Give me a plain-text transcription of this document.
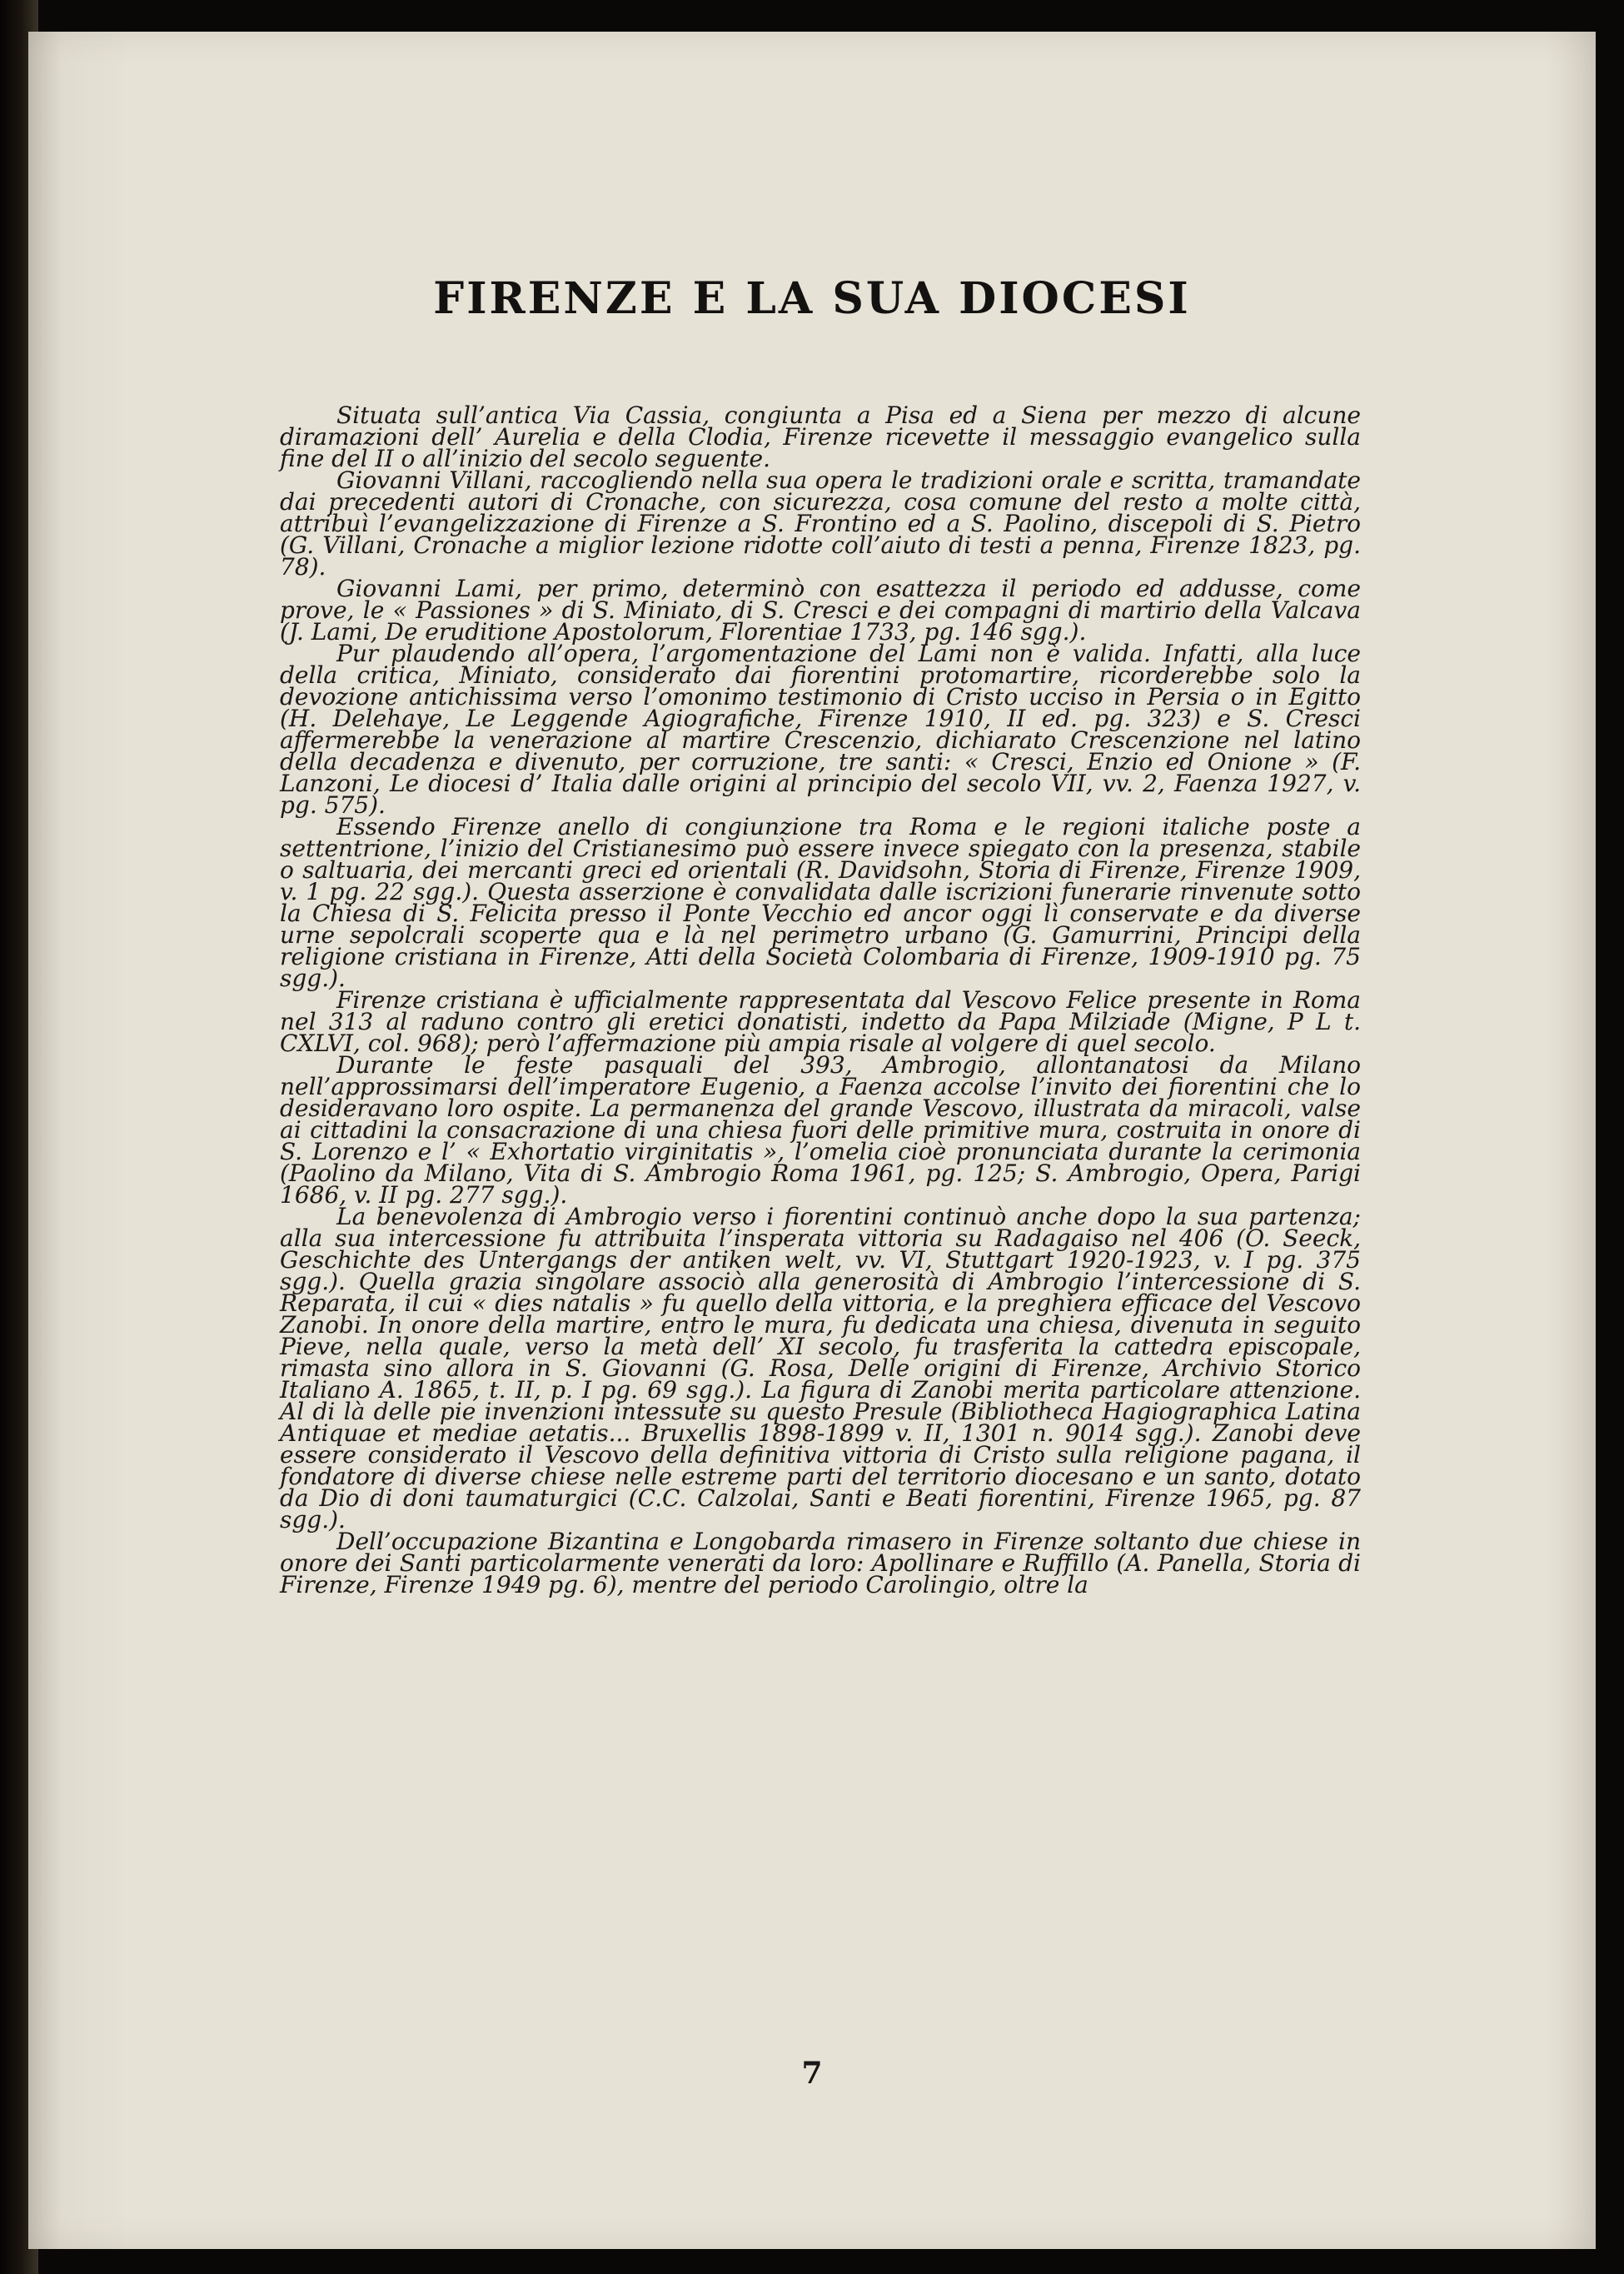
FIRENZE E LA SUA DIOCESI

Situata sull’antica Via Cassia, congiunta a Pisa ed a Siena per mezzo di alcune diramazioni dell’ Aurelia e della Clodia, Firenze ricevette il messaggio evangelico sulla fine del II o all’inizio del secolo seguente.

Giovanni Villani, raccogliendo nella sua opera le tradizioni orale e scritta, tramandate dai precedenti autori di Cronache, con sicurezza, cosa comune del resto a molte città, attribuì l’evangelizzazione di Firenze a S. Frontino ed a S. Paolino, discepoli di S. Pietro (G. Villani, Cronache a miglior lezione ridotte coll’aiuto di testi a penna, Firenze 1823, pg. 78).

Giovanni Lami, per primo, determinò con esattezza il periodo ed addusse, come prove, le « Passiones » di S. Miniato, di S. Cresci e dei compagni di martirio della Valcava (J. Lami, De eruditione Apostolorum, Florentiae 1733, pg. 146 sgg.).

Pur plaudendo all’opera, l’argomentazione del Lami non è valida. Infatti, alla luce della critica, Miniato, considerato dai fiorentini protomartire, ricorderebbe solo la devozione antichissima verso l’omonimo testimonio di Cristo ucciso in Persia o in Egitto (H. Delehaye, Le Leggende Agiografiche, Firenze 1910, II ed. pg. 323) e S. Cresci affermerebbe la venerazione al martire Crescenzio, dichiarato Crescenzione nel latino della decadenza e divenuto, per corruzione, tre santi: « Cresci, Enzio ed Onione » (F. Lanzoni, Le diocesi d’ Italia dalle origini al principio del secolo VII, vv. 2, Faenza 1927, v. pg. 575).

Essendo Firenze anello di congiunzione tra Roma e le regioni italiche poste a settentrione, l’inizio del Cristianesimo può essere invece spiegato con la presenza, stabile o saltuaria, dei mercanti greci ed orientali (R. Davidsohn, Storia di Firenze, Firenze 1909, v. 1 pg. 22 sgg.). Questa asserzione è convalidata dalle iscrizioni funerarie rinvenute sotto la Chiesa di S. Felicita presso il Ponte Vecchio ed ancor oggi lì conservate e da diverse urne sepolcrali scoperte qua e là nel perimetro urbano (G. Gamurrini, Principi della religione cristiana in Firenze, Atti della Società Colombaria di Firenze, 1909-1910 pg. 75 sgg.).

Firenze cristiana è ufficialmente rappresentata dal Vescovo Felice presente in Roma nel 313 al raduno contro gli eretici donatisti, indetto da Papa Milziade (Migne, P L t. CXLVI, col. 968); però l’affermazione più ampia risale al volgere di quel secolo.

Durante le feste pasquali del 393, Ambrogio, allontanatosi da Milano nell’approssimarsi dell’imperatore Eugenio, a Faenza accolse l’invito dei fiorentini che lo desideravano loro ospite. La permanenza del grande Vescovo, illustrata da miracoli, valse ai cittadini la consacrazione di una chiesa fuori delle primitive mura, costruita in onore di S. Lorenzo e l’ « Exhortatio virginitatis », l’omelia cioè pronunciata durante la cerimonia (Paolino da Milano, Vita di S. Ambrogio Roma 1961, pg. 125; S. Ambrogio, Opera, Parigi 1686, v. II pg. 277 sgg.).

La benevolenza di Ambrogio verso i fiorentini continuò anche dopo la sua partenza; alla sua intercessione fu attribuita l’insperata vittoria su Radagaiso nel 406 (O. Seeck, Geschichte des Untergangs der antiken welt, vv. VI, Stuttgart 1920-1923, v. I pg. 375 sgg.). Quella grazia singolare associò alla generosità di Ambrogio l’intercessione di S. Reparata, il cui « dies natalis » fu quello della vittoria, e la preghiera efficace del Vescovo Zanobi. In onore della martire, entro le mura, fu dedicata una chiesa, divenuta in seguito Pieve, nella quale, verso la metà dell’ XI secolo, fu trasferita la cattedra episcopale, rimasta sino allora in S. Giovanni (G. Rosa, Delle origini di Firenze, Archivio Storico Italiano A. 1865, t. II, p. I pg. 69 sgg.). La figura di Zanobi merita particolare attenzione. Al di là delle pie invenzioni intessute su questo Presule (Bibliotheca Hagiographica Latina Antiquae et mediae aetatis... Bruxellis 1898-1899 v. II, 1301 n. 9014 sgg.). Zanobi deve essere considerato il Vescovo della definitiva vittoria di Cristo sulla religione pagana, il fondatore di diverse chiese nelle estreme parti del territorio diocesano e un santo, dotato da Dio di doni taumaturgici (C.C. Calzolai, Santi e Beati fiorentini, Firenze 1965, pg. 87 sgg.).

Dell’occupazione Bizantina e Longobarda rimasero in Firenze soltanto due chiese in onore dei Santi particolarmente venerati da loro: Apollinare e Ruffillo (A. Panella, Storia di Firenze, Firenze 1949 pg. 6), mentre del periodo Carolingio, oltre la

7
